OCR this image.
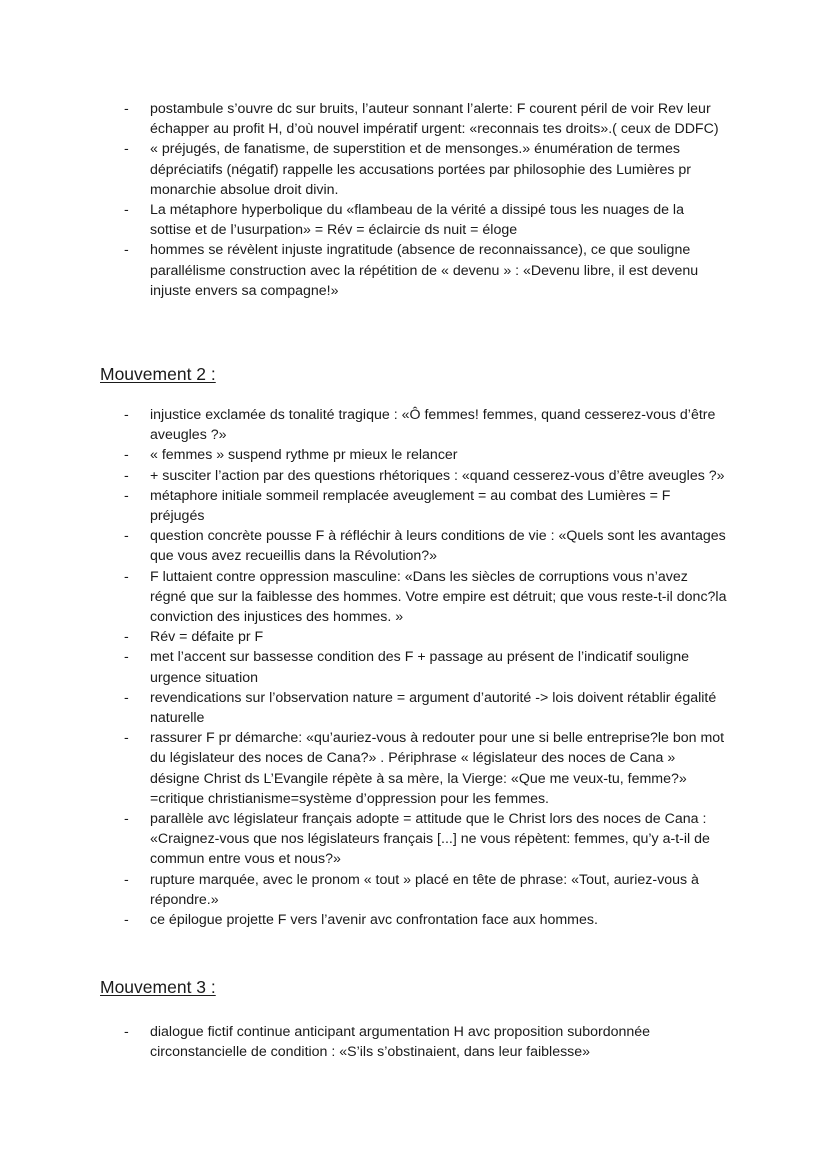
- postambule s’ouvre dc sur bruits, l’auteur sonnant l’alerte: F courent péril de voir Rev leur échapper au profit H, d’où nouvel impératif urgent: «reconnais tes droits».( ceux de DDFC)
- « préjugés, de fanatisme, de superstition et de mensonges.» énumération de termes dépréciatifs (négatif) rappelle les accusations portées par philosophie des Lumières pr monarchie absolue droit divin.
- La métaphore hyperbolique du «flambeau de la vérité a dissipé tous les nuages de la sottise et de l’usurpation» = Rév = éclaircie ds nuit = éloge
- hommes se révèlent injuste ingratitude (absence de reconnaissance), ce que souligne parallélisme construction avec la répétition de « devenu » : «Devenu libre, il est devenu injuste envers sa compagne!»
Mouvement 2 :
- injustice exclamée ds tonalité tragique : «Ô femmes! femmes, quand cesserez-vous d’être aveugles ?»
- « femmes » suspend rythme pr mieux le relancer
- + susciter l’action par des questions rhétoriques : «quand cesserez-vous d’être aveugles ?»
- métaphore initiale sommeil remplacée aveuglement = au combat des Lumières = F préjugés
- question concrète pousse F à réfléchir à leurs conditions de vie : «Quels sont les avantages que vous avez recueillis dans la Révolution?»
- F luttaient contre oppression masculine: «Dans les siècles de corruptions vous n’avez régné que sur la faiblesse des hommes. Votre empire est détruit; que vous reste-t-il donc?la conviction des injustices des hommes. »
- Rév = défaite pr F
- met l’accent sur bassesse condition des F + passage au présent de l’indicatif souligne urgence situation
- revendications sur l’observation nature = argument d’autorité -> lois doivent rétablir égalité naturelle
- rassurer F pr démarche: «qu’auriez-vous à redouter pour une si belle entreprise?le bon mot du législateur des noces de Cana?» . Périphrase « législateur des noces de Cana » désigne Christ ds L’Evangile répète à sa mère, la Vierge: «Que me veux-tu, femme?» =critique christianisme=système d’oppression pour les femmes.
- parallèle avc législateur français adopte = attitude que le Christ lors des noces de Cana : «Craignez-vous que nos législateurs français [...] ne vous répètent: femmes, qu’y a-t-il de commun entre vous et nous?»
- rupture marquée, avec le pronom « tout » placé en tête de phrase: «Tout, auriez-vous à répondre.»
- ce épilogue projette F vers l’avenir avc confrontation face aux hommes.
Mouvement 3 :
- dialogue fictif continue anticipant argumentation H avc proposition subordonnée circonstancielle de condition : «S’ils s’obstinaient, dans leur faiblesse»
